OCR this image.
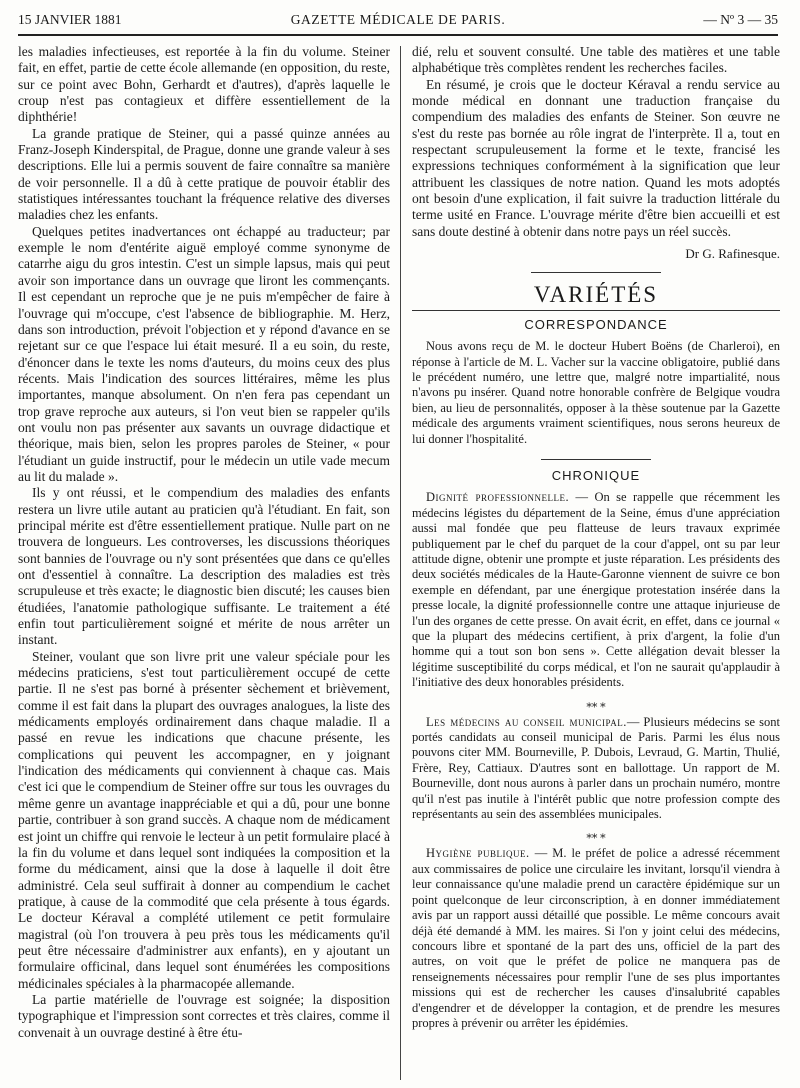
15 JANVIER 1881	GAZETTE MÉDICALE DE PARIS.	— Nº 3 — 35

les maladies infectieuses, est reportée à la fin du volume. Steiner fait, en effet, partie de cette école allemande (en opposition, du reste, sur ce point avec Bohn, Gerhardt et d'autres), d'après laquelle le croup n'est pas contagieux et diffère essentiellement de la diphthérie!

La grande pratique de Steiner, qui a passé quinze années au Franz-Joseph Kinderspital, de Prague, donne une grande valeur à ses descriptions. Elle lui a permis souvent de faire connaître sa manière de voir personnelle. Il a dû à cette pratique de pouvoir établir des statistiques intéressantes touchant la fréquence relative des diverses maladies chez les enfants.

Quelques petites inadvertances ont échappé au traducteur; par exemple le nom d'entérite aiguë employé comme synonyme de catarrhe aigu du gros intestin. C'est un simple lapsus, mais qui peut avoir son importance dans un ouvrage que liront les commençants. Il est cependant un reproche que je ne puis m'empêcher de faire à l'ouvrage qui m'occupe, c'est l'absence de bibliographie. M. Herz, dans son introduction, prévoit l'objection et y répond d'avance en se rejetant sur ce que l'espace lui était mesuré. Il a eu soin, du reste, d'énoncer dans le texte les noms d'auteurs, du moins ceux des plus récents. Mais l'indication des sources littéraires, même les plus importantes, manque absolument. On n'en fera pas cependant un trop grave reproche aux auteurs, si l'on veut bien se rappeler qu'ils ont voulu non pas présenter aux savants un ouvrage didactique et théorique, mais bien, selon les propres paroles de Steiner, « pour l'étudiant un guide instructif, pour le médecin un utile vade mecum au lit du malade ».

Ils y ont réussi, et le compendium des maladies des enfants restera un livre utile autant au praticien qu'à l'étudiant. En fait, son principal mérite est d'être essentiellement pratique. Nulle part on ne trouvera de longueurs. Les controverses, les discussions théoriques sont bannies de l'ouvrage ou n'y sont présentées que dans ce qu'elles ont d'essentiel à connaître. La description des maladies est très scrupuleuse et très exacte; le diagnostic bien discuté; les causes bien étudiées, l'anatomie pathologique suffisante. Le traitement a été enfin tout particulièrement soigné et mérite de nous arrêter un instant.

Steiner, voulant que son livre prit une valeur spéciale pour les médecins praticiens, s'est tout particulièrement occupé de cette partie. Il ne s'est pas borné à présenter sèchement et brièvement, comme il est fait dans la plupart des ouvrages analogues, la liste des médicaments employés ordinairement dans chaque maladie. Il a passé en revue les indications que chacune présente, les complications qui peuvent les accompagner, en y joignant l'indication des médicaments qui conviennent à chaque cas. Mais c'est ici que le compendium de Steiner offre sur tous les ouvrages du même genre un avantage inappréciable et qui a dû, pour une bonne partie, contribuer à son grand succès. A chaque nom de médicament est joint un chiffre qui renvoie le lecteur à un petit formulaire placé à la fin du volume et dans lequel sont indiquées la composition et la forme du médicament, ainsi que la dose à laquelle il doit être administré. Cela seul suffirait à donner au compendium le cachet pratique, à cause de la commodité que cela présente à tous égards. Le docteur Kéraval a complété utilement ce petit formulaire magistral (où l'on trouvera à peu près tous les médicaments qu'il peut être nécessaire d'administrer aux enfants), en y ajoutant un formulaire officinal, dans lequel sont énumérées les compositions médicinales spéciales à la pharmacopée allemande.

La partie matérielle de l'ouvrage est soignée; la disposition typographique et l'impression sont correctes et très claires, comme il convenait à un ouvrage destiné à être étu-

dié, relu et souvent consulté. Une table des matières et une table alphabétique très complètes rendent les recherches faciles.

En résumé, je crois que le docteur Kéraval a rendu service au monde médical en donnant une traduction française du compendium des maladies des enfants de Steiner. Son œuvre ne s'est du reste pas bornée au rôle ingrat de l'interprète. Il a, tout en respectant scrupuleusement la forme et le texte, francisé les expressions techniques conformément à la signification que leur attribuent les classiques de notre nation. Quand les mots adoptés ont besoin d'une explication, il fait suivre la traduction littérale du terme usité en France. L'ouvrage mérite d'être bien accueilli et est sans doute destiné à obtenir dans notre pays un réel succès.

Dr G. Rafinesque.

VARIÉTÉS
CORRESPONDANCE

Nous avons reçu de M. le docteur Hubert Boëns (de Charleroi), en réponse à l'article de M. L. Vacher sur la vaccine obligatoire, publié dans le précédent numéro, une lettre que, malgré notre impartialité, nous n'avons pu insérer. Quand notre honorable confrère de Belgique voudra bien, au lieu de personnalités, opposer à la thèse soutenue par la Gazette médicale des arguments vraiment scientifiques, nous serons heureux de lui donner l'hospitalité.

CHRONIQUE

Dignité professionnelle. — On se rappelle que récemment les médecins légistes du département de la Seine, émus d'une appréciation aussi mal fondée que peu flatteuse de leurs travaux exprimée publiquement par le chef du parquet de la cour d'appel, ont su par leur attitude digne, obtenir une prompte et juste réparation. Les présidents des deux sociétés médicales de la Haute-Garonne viennent de suivre ce bon exemple en défendant, par une énergique protestation insérée dans la presse locale, la dignité professionnelle contre une attaque injurieuse de l'un des organes de cette presse. On avait écrit, en effet, dans ce journal « que la plupart des médecins certifient, à prix d'argent, la folie d'un homme qui a tout son bon sens ». Cette allégation devait blesser la légitime susceptibilité du corps médical, et l'on ne saurait qu'applaudir à l'initiative des deux honorables présidents.

⁎⁎ ⁎

Les médecins au conseil municipal.— Plusieurs médecins se sont portés candidats au conseil municipal de Paris. Parmi les élus nous pouvons citer MM. Bourneville, P. Dubois, Levraud, G. Martin, Thulié, Frère, Rey, Cattiaux. D'autres sont en ballottage. Un rapport de M. Bourneville, dont nous aurons à parler dans un prochain numéro, montre qu'il n'est pas inutile à l'intérêt public que notre profession compte des représentants au sein des assemblées municipales.

⁎⁎ ⁎

Hygiène publique. — M. le préfet de police a adressé récemment aux commissaires de police une circulaire les invitant, lorsqu'il viendra à leur connaissance qu'une maladie prend un caractère épidémique sur un point quelconque de leur circonscription, à en donner immédiatement avis par un rapport aussi détaillé que possible. Le même concours avait déjà été demandé à MM. les maires. Si l'on y joint celui des médecins, concours libre et spontané de la part des uns, officiel de la part des autres, on voit que le préfet de police ne manquera pas de renseignements nécessaires pour remplir l'une de ses plus importantes missions qui est de rechercher les causes d'insalubrité capables d'engendrer et de développer la contagion, et de prendre les mesures propres à prévenir ou arrêter les épidémies.
